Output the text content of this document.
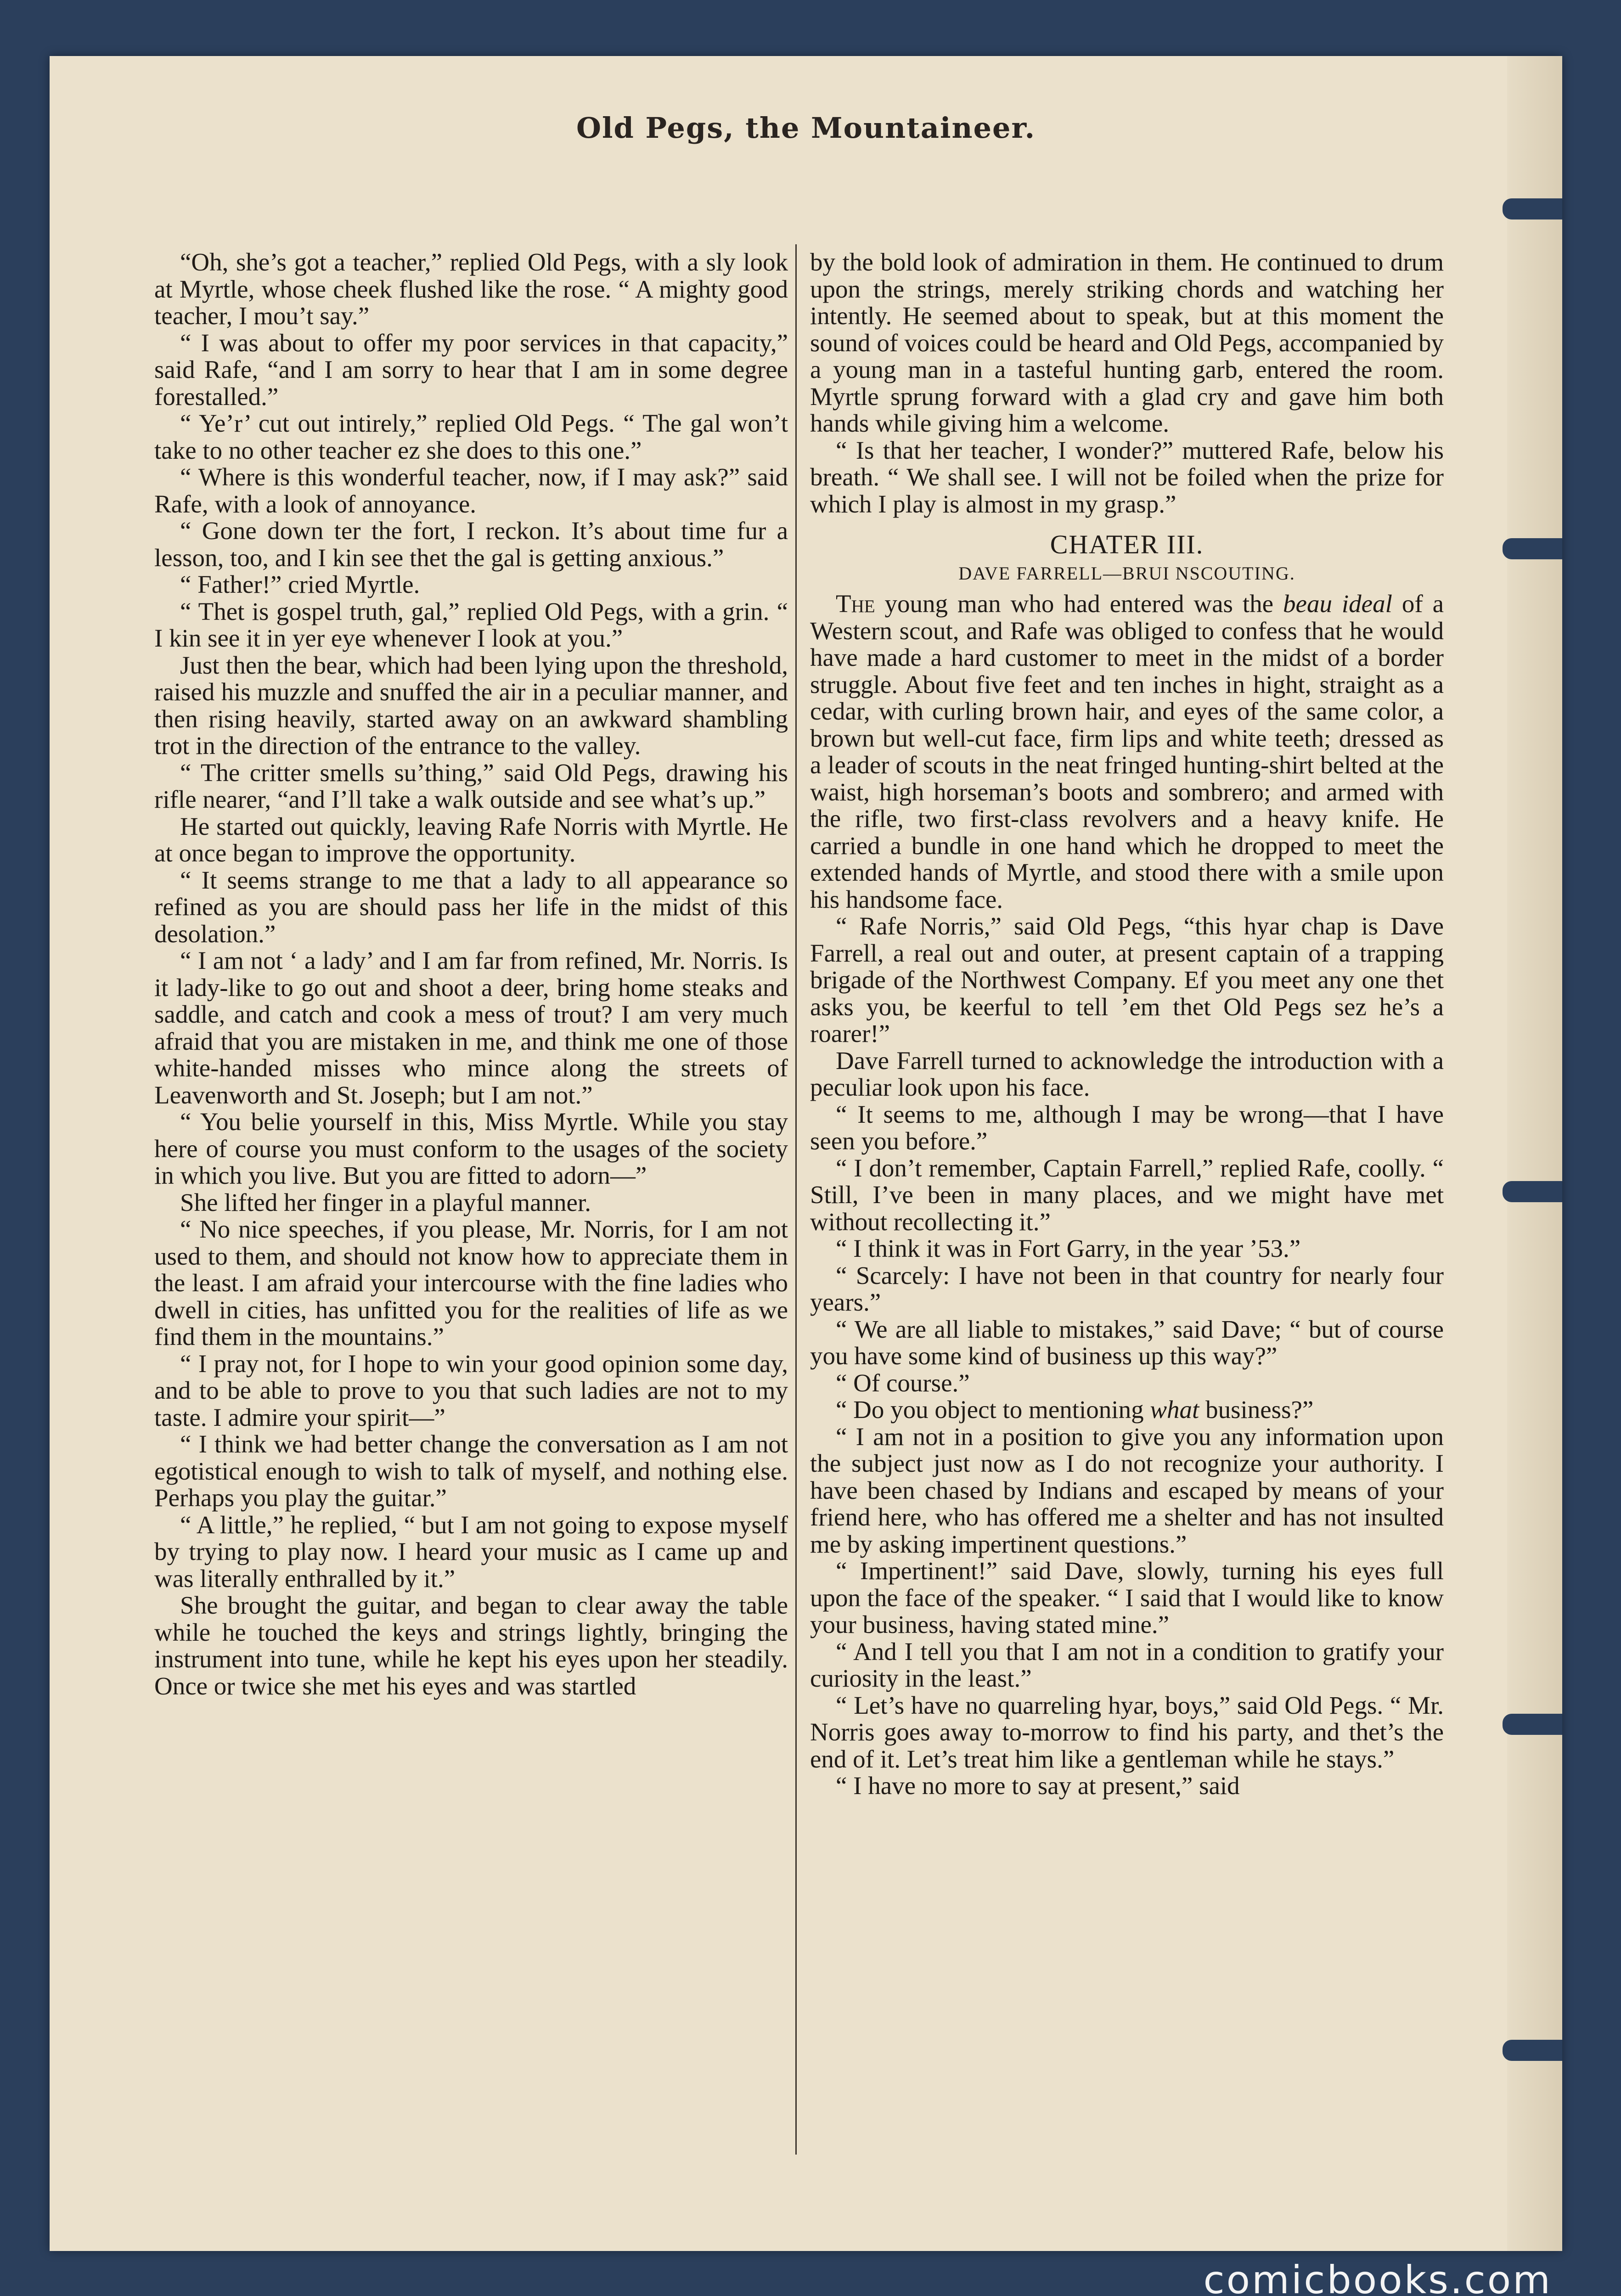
Old Pegs, the Mountaineer.

“Oh, she’s got a teacher,” replied Old Pegs, with a sly look at Myrtle, whose cheek flushed like the rose. “ A mighty good teacher, I mou’t say.”

“ I was about to offer my poor services in that capacity,” said Rafe, “and I am sorry to hear that I am in some degree forestalled.”

“ Ye’r’ cut out intirely,” replied Old Pegs. “ The gal won’t take to no other teacher ez she does to this one.”

“ Where is this wonderful teacher, now, if I may ask?” said Rafe, with a look of annoyance.

“ Gone down ter the fort, I reckon. It’s about time fur a lesson, too, and I kin see thet the gal is getting anxious.”

“ Father!” cried Myrtle.

“ Thet is gospel truth, gal,” replied Old Pegs, with a grin. “ I kin see it in yer eye whenever I look at you.”

Just then the bear, which had been lying upon the threshold, raised his muzzle and snuffed the air in a peculiar manner, and then rising heavily, started away on an awkward shambling trot in the direction of the entrance to the valley.

“ The critter smells su’thing,” said Old Pegs, drawing his rifle nearer, “and I’ll take a walk outside and see what’s up.”

He started out quickly, leaving Rafe Norris with Myrtle. He at once began to improve the opportunity.

“ It seems strange to me that a lady to all appearance so refined as you are should pass her life in the midst of this desolation.”

“ I am not ‘ a lady’ and I am far from refined, Mr. Norris. Is it lady-like to go out and shoot a deer, bring home steaks and saddle, and catch and cook a mess of trout? I am very much afraid that you are mistaken in me, and think me one of those white-handed misses who mince along the streets of Leavenworth and St. Joseph; but I am not.”

“ You belie yourself in this, Miss Myrtle. While you stay here of course you must conform to the usages of the society in which you live. But you are fitted to adorn—”

She lifted her finger in a playful manner.

“ No nice speeches, if you please, Mr. Norris, for I am not used to them, and should not know how to appreciate them in the least. I am afraid your intercourse with the fine ladies who dwell in cities, has unfitted you for the realities of life as we find them in the mountains.”

“ I pray not, for I hope to win your good opinion some day, and to be able to prove to you that such ladies are not to my taste. I admire your spirit—”

“ I think we had better change the conversation as I am not egotistical enough to wish to talk of myself, and nothing else. Perhaps you play the guitar.”

“ A little,” he replied, “ but I am not going to expose myself by trying to play now. I heard your music as I came up and was literally enthralled by it.”

She brought the guitar, and began to clear away the table while he touched the keys and strings lightly, bringing the instrument into tune, while he kept his eyes upon her steadily. Once or twice she met his eyes and was startled

by the bold look of admiration in them. He continued to drum upon the strings, merely striking chords and watching her intently. He seemed about to speak, but at this moment the sound of voices could be heard and Old Pegs, accompanied by a young man in a tasteful hunting garb, entered the room. Myrtle sprung forward with a glad cry and gave him both hands while giving him a welcome.

“ Is that her teacher, I wonder?” muttered Rafe, below his breath. “ We shall see. I will not be foiled when the prize for which I play is almost in my grasp.”

CHATER III.

DAVE FARRELL—BRUI NSCOUTING.

The young man who had entered was the beau ideal of a Western scout, and Rafe was obliged to confess that he would have made a hard customer to meet in the midst of a border struggle. About five feet and ten inches in hight, straight as a cedar, with curling brown hair, and eyes of the same color, a brown but well-cut face, firm lips and white teeth; dressed as a leader of scouts in the neat fringed hunting-shirt belted at the waist, high horseman’s boots and sombrero; and armed with the rifle, two first-class revolvers and a heavy knife. He carried a bundle in one hand which he dropped to meet the extended hands of Myrtle, and stood there with a smile upon his handsome face.

“ Rafe Norris,” said Old Pegs, “this hyar chap is Dave Farrell, a real out and outer, at present captain of a trapping brigade of the Northwest Company. Ef you meet any one thet asks you, be keerful to tell ’em thet Old Pegs sez he’s a roarer!”

Dave Farrell turned to acknowledge the introduction with a peculiar look upon his face.

“ It seems to me, although I may be wrong—that I have seen you before.”

“ I don’t remember, Captain Farrell,” replied Rafe, coolly. “ Still, I’ve been in many places, and we might have met without recollecting it.”

“ I think it was in Fort Garry, in the year ’53.”

“ Scarcely: I have not been in that country for nearly four years.”

“ We are all liable to mistakes,” said Dave; “ but of course you have some kind of business up this way?”

“ Of course.”

“ Do you object to mentioning what business?”

“ I am not in a position to give you any information upon the subject just now as I do not recognize your authority. I have been chased by Indians and escaped by means of your friend here, who has offered me a shelter and has not insulted me by asking impertinent questions.”

“ Impertinent!” said Dave, slowly, turning his eyes full upon the face of the speaker. “ I said that I would like to know your business, having stated mine.”

“ And I tell you that I am not in a condition to gratify your curiosity in the least.”

“ Let’s have no quarreling hyar, boys,” said Old Pegs. “ Mr. Norris goes away to-morrow to find his party, and thet’s the end of it. Let’s treat him like a gentleman while he stays.”

“ I have no more to say at present,” said

comicbooks.com
